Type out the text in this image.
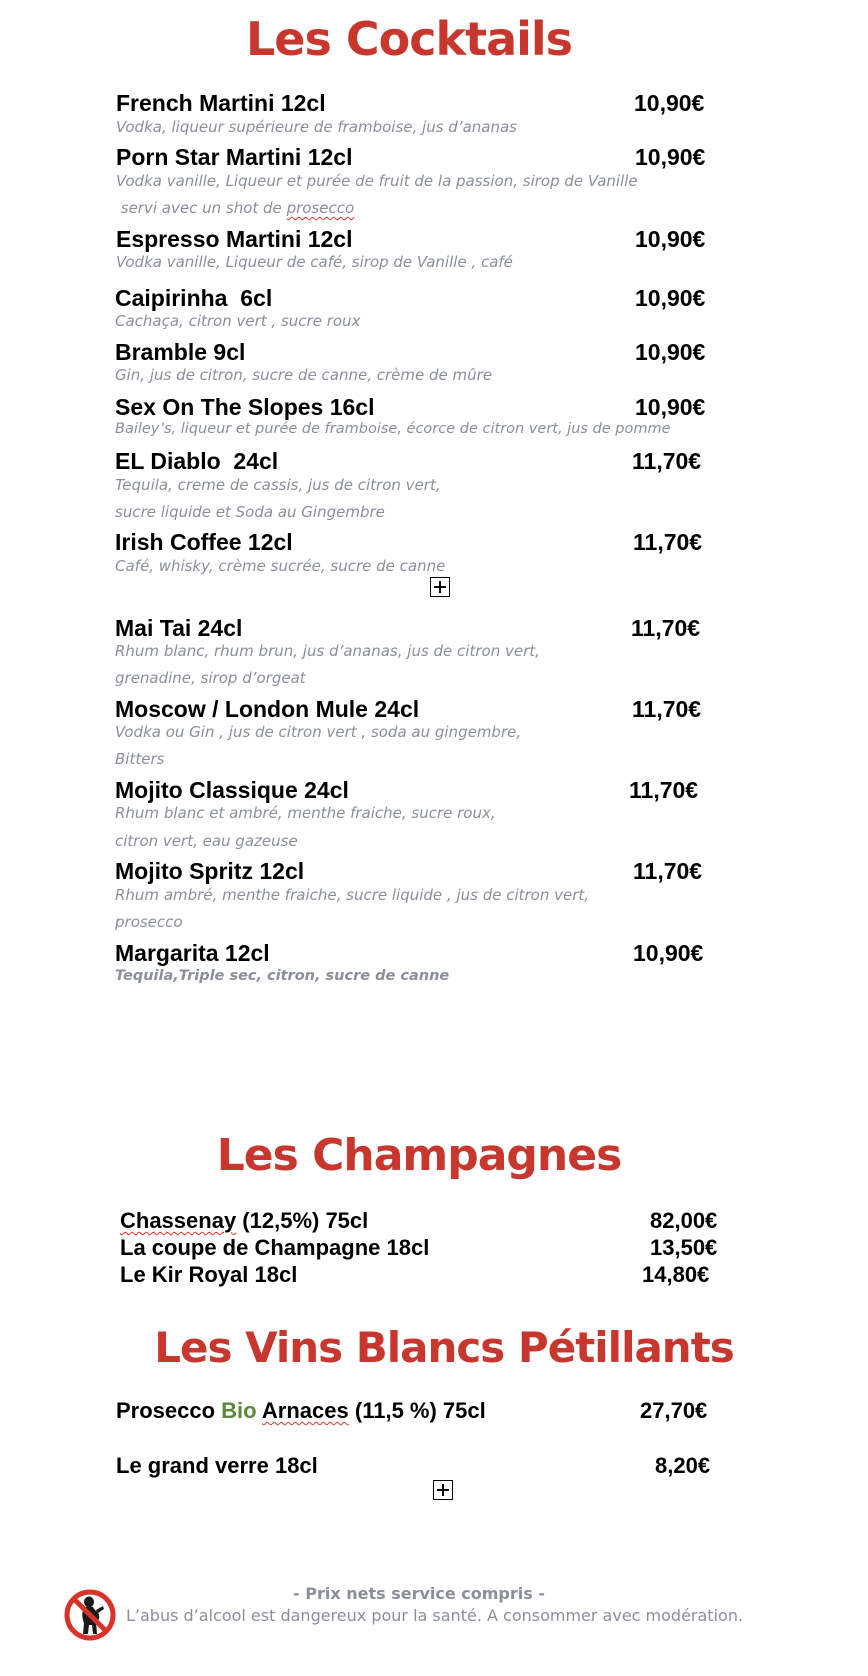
Les Cocktails
French Martini 12cl	10,90€
Vodka, liqueur supérieure de framboise, jus d’ananas
Porn Star Martini 12cl	10,90€
Vodka vanille, Liqueur et purée de fruit de la passion, sirop de Vanille
servi avec un shot de prosecco
Espresso Martini 12cl	10,90€
Vodka vanille, Liqueur de café, sirop de Vanille , café
Caipirinha  6cl	10,90€
Cachaça, citron vert , sucre roux
Bramble 9cl	10,90€
Gin, jus de citron, sucre de canne, crème de mûre
Sex On The Slopes 16cl	10,90€
Bailey’s, liqueur et purée de framboise, écorce de citron vert, jus de pomme
EL Diablo  24cl	11,70€
Tequila, creme de cassis, jus de citron vert,
sucre liquide et Soda au Gingembre
Irish Coffee 12cl	11,70€
Café, whisky, crème sucrée, sucre de canne
Mai Tai 24cl	11,70€
Rhum blanc, rhum brun, jus d’ananas, jus de citron vert,
grenadine, sirop d’orgeat
Moscow / London Mule 24cl	11,70€
Vodka ou Gin , jus de citron vert , soda au gingembre,
Bitters
Mojito Classique 24cl	11,70€
Rhum blanc et ambré, menthe fraiche, sucre roux,
citron vert, eau gazeuse
Mojito Spritz 12cl	11,70€
Rhum ambré, menthe fraiche, sucre liquide , jus de citron vert,
prosecco
Margarita 12cl	10,90€
Tequila,Triple sec, citron, sucre de canne
Les Champagnes
Chassenay (12,5%) 75cl	82,00€
La coupe de Champagne 18cl	13,50€
Le Kir Royal 18cl	14,80€
Les Vins Blancs Pétillants
Prosecco Bio Arnaces (11,5 %) 75cl	27,70€
Le grand verre 18cl	8,20€
- Prix nets service compris -
L’abus d’alcool est dangereux pour la santé. A consommer avec modération.
